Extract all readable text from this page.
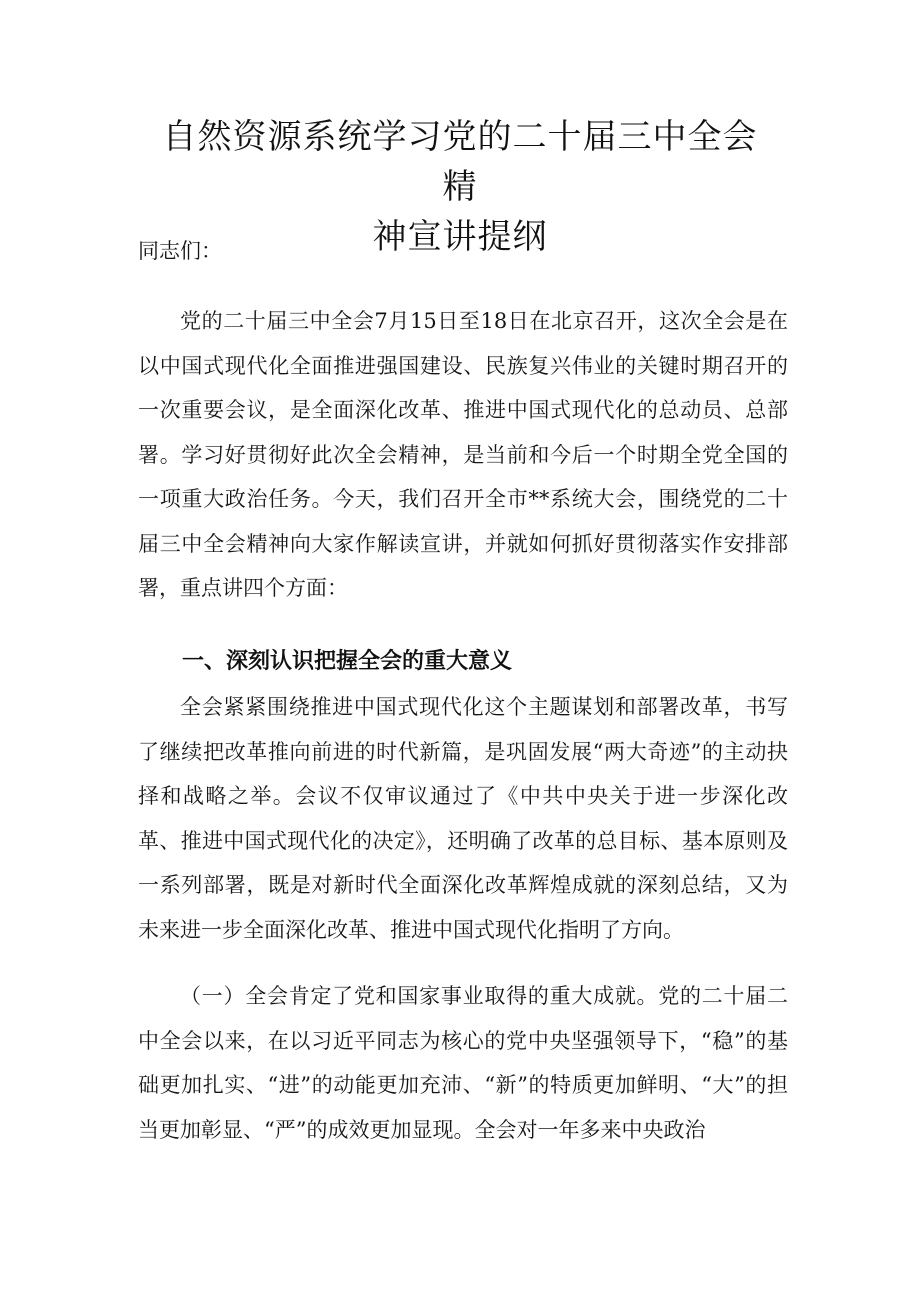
自然资源系统学习党的二十届三中全会精
神宣讲提纲

同志们：

党的二十届三中全会7月15日至18日在北京召开，这次全会是在以中国式现代化全面推进强国建设、民族复兴伟业的关键时期召开的一次重要会议，是全面深化改革、推进中国式现代化的总动员、总部署。学习好贯彻好此次全会精神，是当前和今后一个时期全党全国的一项重大政治任务。今天，我们召开全市**系统大会，围绕党的二十届三中全会精神向大家作解读宣讲，并就如何抓好贯彻落实作安排部署，重点讲四个方面：

一、深刻认识把握全会的重大意义

全会紧紧围绕推进中国式现代化这个主题谋划和部署改革，书写了继续把改革推向前进的时代新篇，是巩固发展“两大奇迹”的主动抉择和战略之举。会议不仅审议通过了《中共中央关于进一步深化改革、推进中国式现代化的决定》，还明确了改革的总目标、基本原则及一系列部署，既是对新时代全面深化改革辉煌成就的深刻总结，又为未来进一步全面深化改革、推进中国式现代化指明了方向。

（一）全会肯定了党和国家事业取得的重大成就。党的二十届二中全会以来，在以习近平同志为核心的党中央坚强领导下，“稳”的基础更加扎实、“进”的动能更加充沛、“新”的特质更加鲜明、“大”的担当更加彰显、“严”的成效更加显现。全会对一年多来中央政治
